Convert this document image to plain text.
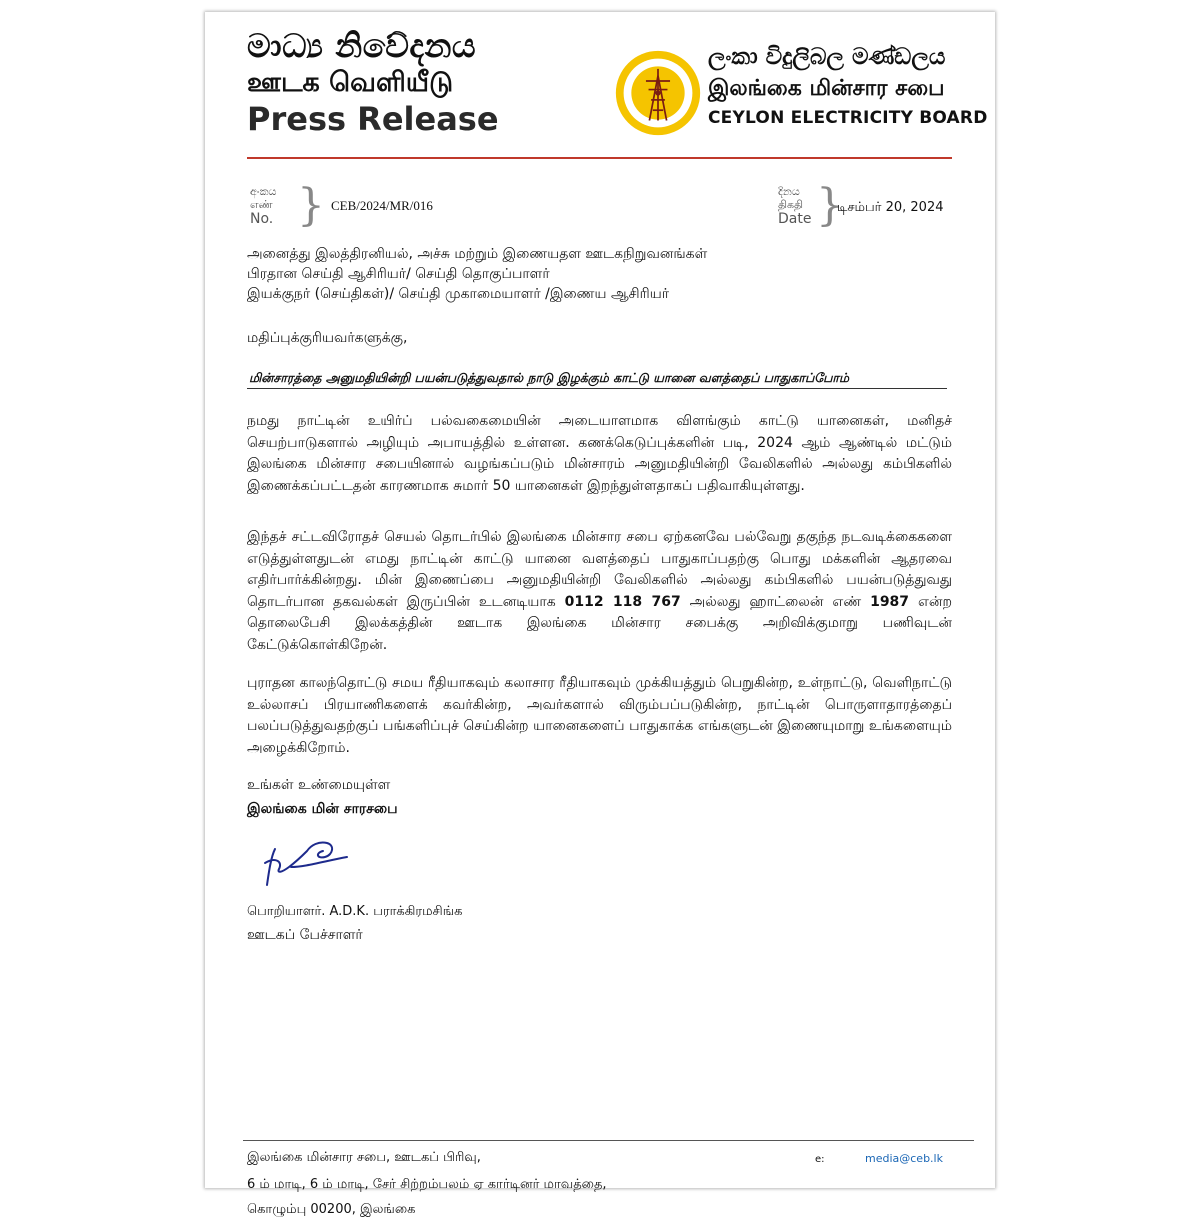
මාධ්‍ය නිවේදනය
ஊடக வெளியீடு
Press Release
ලංකා විදුලිබල මණ්ඩලය
இலங்கை மின்சார சபை
CEYLON ELECTRICITY BOARD
අංකය
எண்
No. } CEB/2024/MR/016
දිනය
திகதி
Date }
டிசம்பர் 20, 2024
அனைத்து இலத்திரனியல், அச்சு மற்றும் இணையதள ஊடகநிறுவனங்கள்
பிரதான செய்தி ஆசிரியர்/ செய்தி தொகுப்பாளர்
இயக்குநர் (செய்திகள்)/ செய்தி முகாமையாளர் /இணைய ஆசிரியர்
மதிப்புக்குரியவர்களுக்கு,
மின்சாரத்தை அனுமதியின்றி பயன்படுத்துவதால் நாடு இழக்கும் காட்டு யானை வளத்தைப் பாதுகாப்போம்
நமது நாட்டின் உயிர்ப் பல்வகைமையின் அடையாளமாக விளங்கும் காட்டு யானைகள், மனிதச் செயற்பாடுகளால் அழியும் அபாயத்தில் உள்ளன. கணக்கெடுப்புக்களின் படி, 2024 ஆம் ஆண்டில் மட்டும் இலங்கை மின்சார சபையினால் வழங்கப்படும் மின்சாரம் அனுமதியின்றி வேலிகளில் அல்லது கம்பிகளில் இணைக்கப்பட்டதன் காரணமாக சுமார் 50 யானைகள் இறந்துள்ளதாகப் பதிவாகியுள்ளது.
இந்தச் சட்டவிரோதச் செயல் தொடர்பில் இலங்கை மின்சார சபை ஏற்கனவே பல்வேறு தகுந்த நடவடிக்கைகளை எடுத்துள்ளதுடன் எமது நாட்டின் காட்டு யானை வளத்தைப் பாதுகாப்பதற்கு பொது மக்களின் ஆதரவை எதிர்பார்க்கின்றது. மின் இணைப்பை அனுமதியின்றி வேலிகளில் அல்லது கம்பிகளில் பயன்படுத்துவது தொடர்பான தகவல்கள் இருப்பின் உடனடியாக 0112 118 767 அல்லது ஹாட்லைன் எண் 1987 என்ற தொலைபேசி இலக்கத்தின் ஊடாக இலங்கை மின்சார சபைக்கு அறிவிக்குமாறு பணிவுடன் கேட்டுக்கொள்கிறேன்.
புராதன காலந்தொட்டு சமய ரீதியாகவும் கலாசார ரீதியாகவும் முக்கியத்தும் பெறுகின்ற, உள்நாட்டு, வெளிநாட்டு உல்லாசப் பிரயாணிகளைக் கவர்கின்ற, அவர்களால் விரும்பப்படுகின்ற, நாட்டின் பொருளாதாரத்தைப் பலப்படுத்துவதற்குப் பங்களிப்புச் செய்கின்ற யானைகளைப் பாதுகாக்க எங்களுடன் இணையுமாறு உங்களையும் அழைக்கிறோம்.
உங்கள் உண்மையுள்ள
இலங்கை மின் சாரசபை
பொறியாளர். A.D.K. பராக்கிரமசிங்க
ஊடகப் பேச்சாளர்
இலங்கை மின்சார சபை, ஊடகப் பிரிவு,
6 ம் மாடி, 6 ம் மாடி, சேர் சிற்றம்பலம் ஏ கார்டினர் மாவத்தை,
கொழும்பு 00200, இலங்கை
e:	media@ceb.lk
